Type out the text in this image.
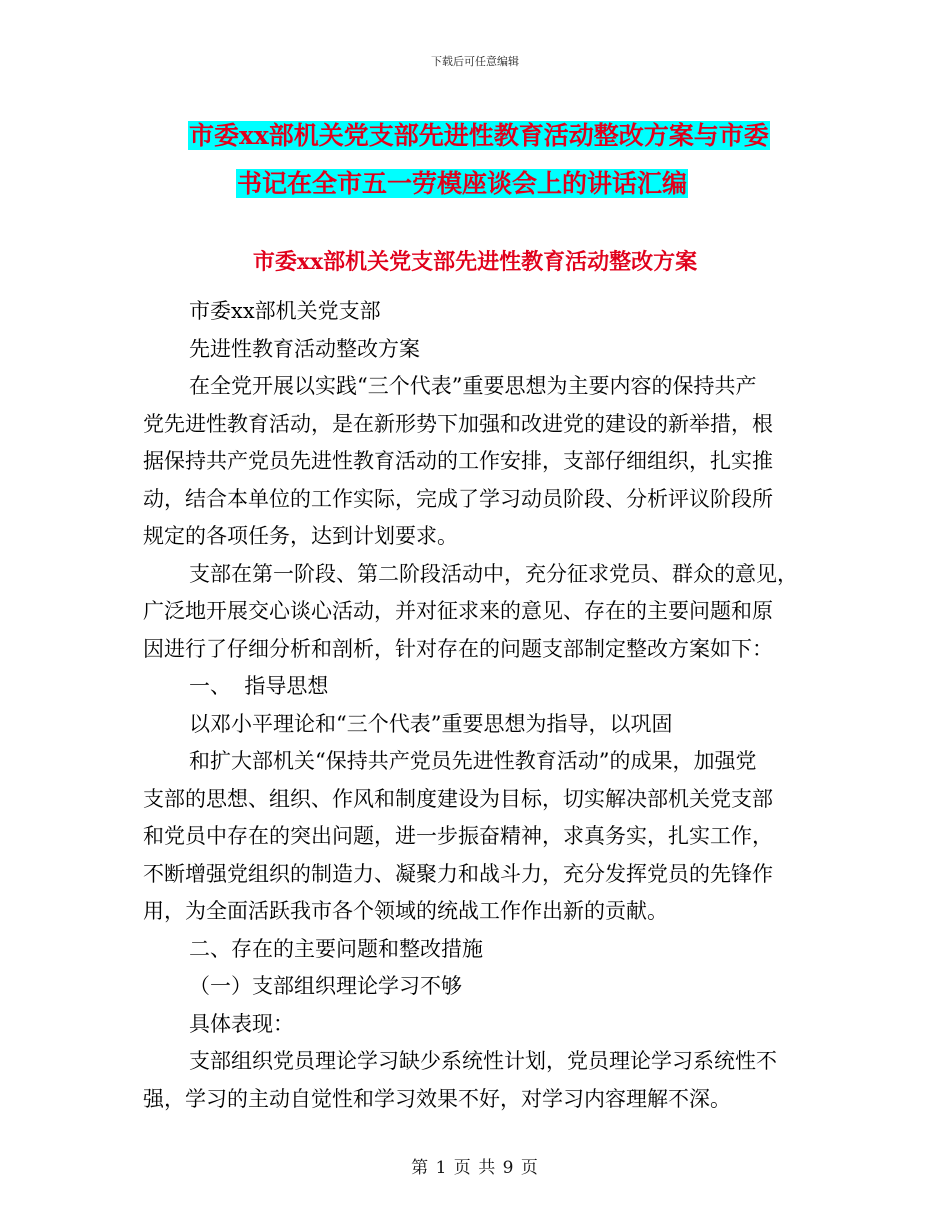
下载后可任意编辑
市委xx部机关党支部先进性教育活动整改方案与市委
书记在全市五一劳模座谈会上的讲话汇编
市委xx部机关党支部先进性教育活动整改方案

市委xx部机关党支部

先进性教育活动整改方案

在全党开展以实践“三个代表”重要思想为主要内容的保持共产

党先进性教育活动，是在新形势下加强和改进党的建设的新举措，根

据保持共产党员先进性教育活动的工作安排，支部仔细组织，扎实推

动，结合本单位的工作实际，完成了学习动员阶段、分析评议阶段所

规定的各项任务，达到计划要求。

支部在第一阶段、第二阶段活动中，充分征求党员、群众的意见，

广泛地开展交心谈心活动，并对征求来的意见、存在的主要问题和原

因进行了仔细分析和剖析，针对存在的问题支部制定整改方案如下：

一、  指导思想

以邓小平理论和“三个代表”重要思想为指导，以巩固

和扩大部机关“保持共产党员先进性教育活动”的成果，加强党

支部的思想、组织、作风和制度建设为目标，切实解决部机关党支部

和党员中存在的突出问题，进一步振奋精神，求真务实，扎实工作，

不断增强党组织的制造力、凝聚力和战斗力，充分发挥党员的先锋作

用，为全面活跃我市各个领域的统战工作作出新的贡献。

二、存在的主要问题和整改措施

（一）支部组织理论学习不够

具体表现：

支部组织党员理论学习缺少系统性计划，党员理论学习系统性不

强，学习的主动自觉性和学习效果不好，对学习内容理解不深。

第 1 页 共 9 页
